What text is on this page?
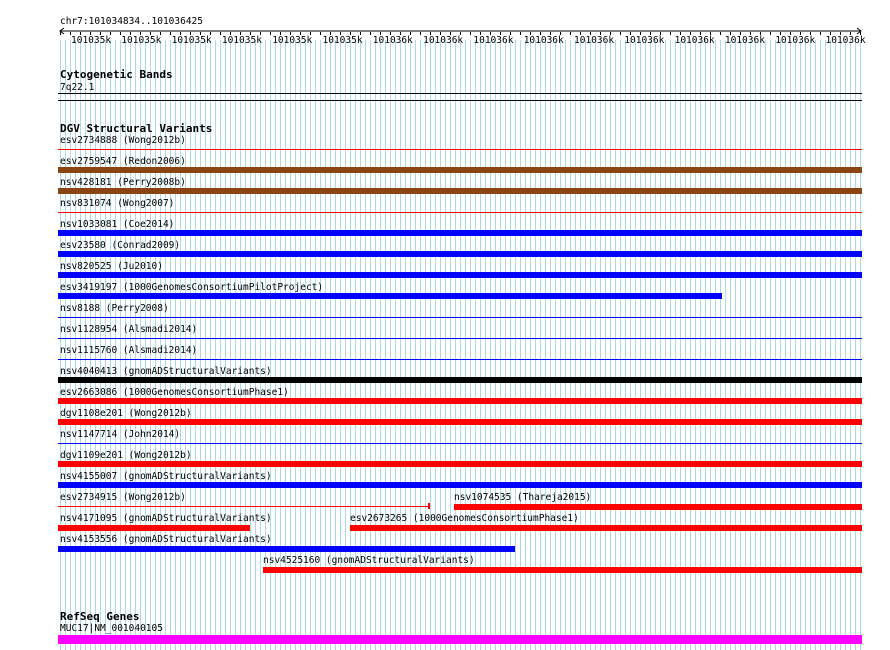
chr7:101034834..101036425
101035k 101035k 101035k 101035k 101035k 101035k 101036k 101036k 101036k 101036k 101036k 101036k 101036k 101036k 101036k 101036k
Cytogenetic Bands
7q22.1
DGV Structural Variants
esv2734888 (Wong2012b)
esv2759547 (Redon2006)
nsv428181 (Perry2008b)
nsv831074 (Wong2007)
nsv1033081 (Coe2014)
esv23580 (Conrad2009)
nsv820525 (Ju2010)
esv3419197 (1000GenomesConsortiumPilotProject)
nsv8188 (Perry2008)
nsv1128954 (Alsmadi2014)
nsv1115760 (Alsmadi2014)
nsv4040413 (gnomADStructuralVariants)
esv2663086 (1000GenomesConsortiumPhase1)
dgv1108e201 (Wong2012b)
nsv1147714 (John2014)
dgv1109e201 (Wong2012b)
nsv4155007 (gnomADStructuralVariants)
esv2734915 (Wong2012b)	nsv1074535 (Thareja2015)
nsv4171095 (gnomADStructuralVariants)	esv2673265 (1000GenomesConsortiumPhase1)
nsv4153556 (gnomADStructuralVariants)
nsv4525160 (gnomADStructuralVariants)
RefSeq Genes
MUC17|NM_001040105
